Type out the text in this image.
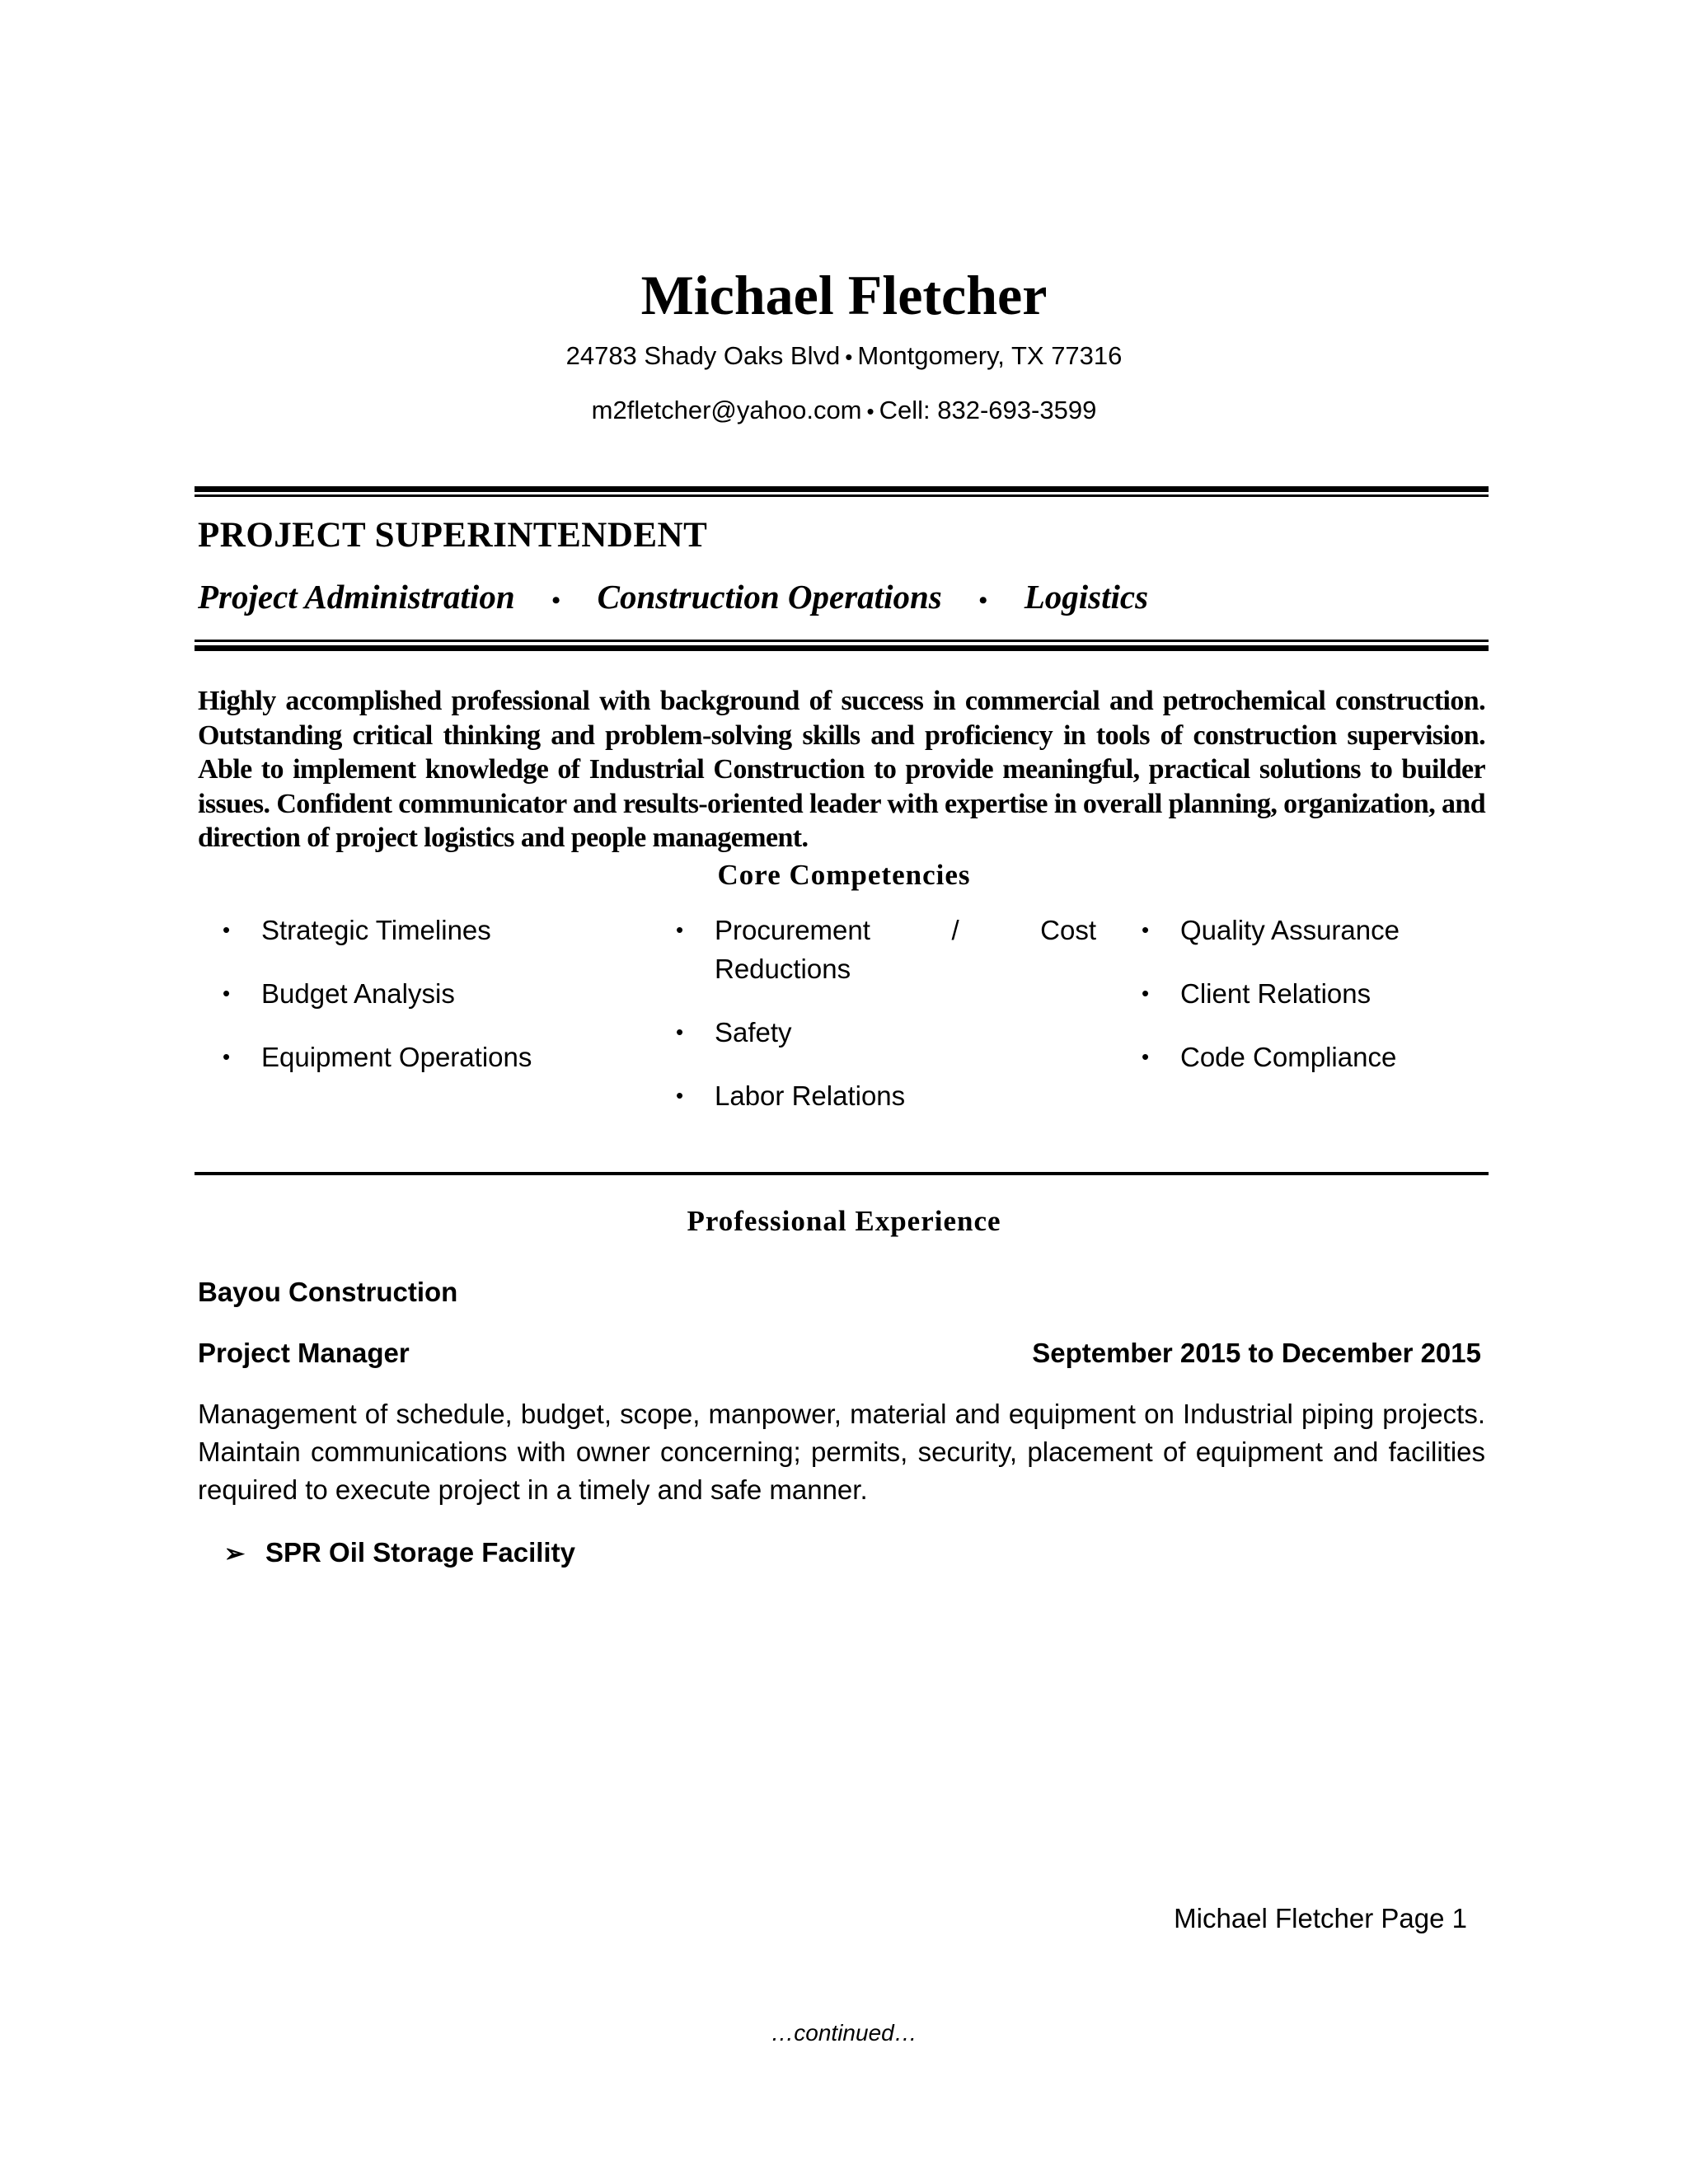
Michael Fletcher
24783 Shady Oaks Blvd • Montgomery, TX 77316
m2fletcher@yahoo.com • Cell: 832-693-3599
PROJECT SUPERINTENDENT
Project Administration • Construction Operations • Logistics
Highly accomplished professional with background of success in commercial and petrochemical construction. Outstanding critical thinking and problem-solving skills and proficiency in tools of construction supervision. Able to implement knowledge of Industrial Construction to provide meaningful, practical solutions to builder issues. Confident communicator and results-oriented leader with expertise in overall planning, organization, and direction of project logistics and people management.
Core Competencies
• Strategic Timelines
• Budget Analysis
• Equipment Operations
• Procurement / Cost Reductions
• Safety
• Labor Relations
• Quality Assurance
• Client Relations
• Code Compliance
Professional Experience
Bayou Construction
Project Manager	September 2015 to December 2015
Management of schedule, budget, scope, manpower, material and equipment on Industrial piping projects. Maintain communications with owner concerning; permits, security, placement of equipment and facilities required to execute project in a timely and safe manner.
➢ SPR Oil Storage Facility
Michael Fletcher Page 1
…continued…
